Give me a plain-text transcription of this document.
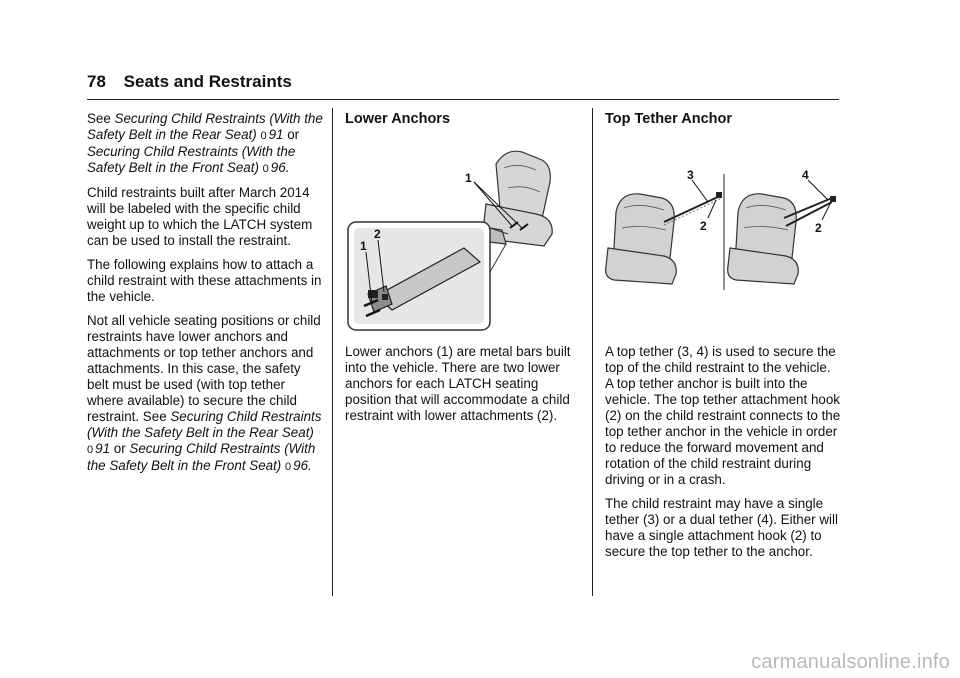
78 Seats and Restraints

See Securing Child Restraints (With the Safety Belt in the Rear Seat) 0 91 or Securing Child Restraints (With the Safety Belt in the Front Seat) 0 96.

Child restraints built after March 2014 will be labeled with the specific child weight up to which the LATCH system can be used to install the restraint.

The following explains how to attach a child restraint with these attachments in the vehicle.

Not all vehicle seating positions or child restraints have lower anchors and attachments or top tether anchors and attachments. In this case, the safety belt must be used (with top tether where available) to secure the child restraint. See Securing Child Restraints (With the Safety Belt in the Rear Seat) 0 91 or Securing Child Restraints (With the Safety Belt in the Front Seat) 0 96.

Lower Anchors
1
1
2

Lower anchors (1) are metal bars built into the vehicle. There are two lower anchors for each LATCH seating position that will accommodate a child restraint with lower attachments (2).

Top Tether Anchor
3
2
4
2

A top tether (3, 4) is used to secure the top of the child restraint to the vehicle. A top tether anchor is built into the vehicle. The top tether attachment hook (2) on the child restraint connects to the top tether anchor in the vehicle in order to reduce the forward movement and rotation of the child restraint during driving or in a crash.

The child restraint may have a single tether (3) or a dual tether (4). Either will have a single attachment hook (2) to secure the top tether to the anchor.

carmanualsonline.info
